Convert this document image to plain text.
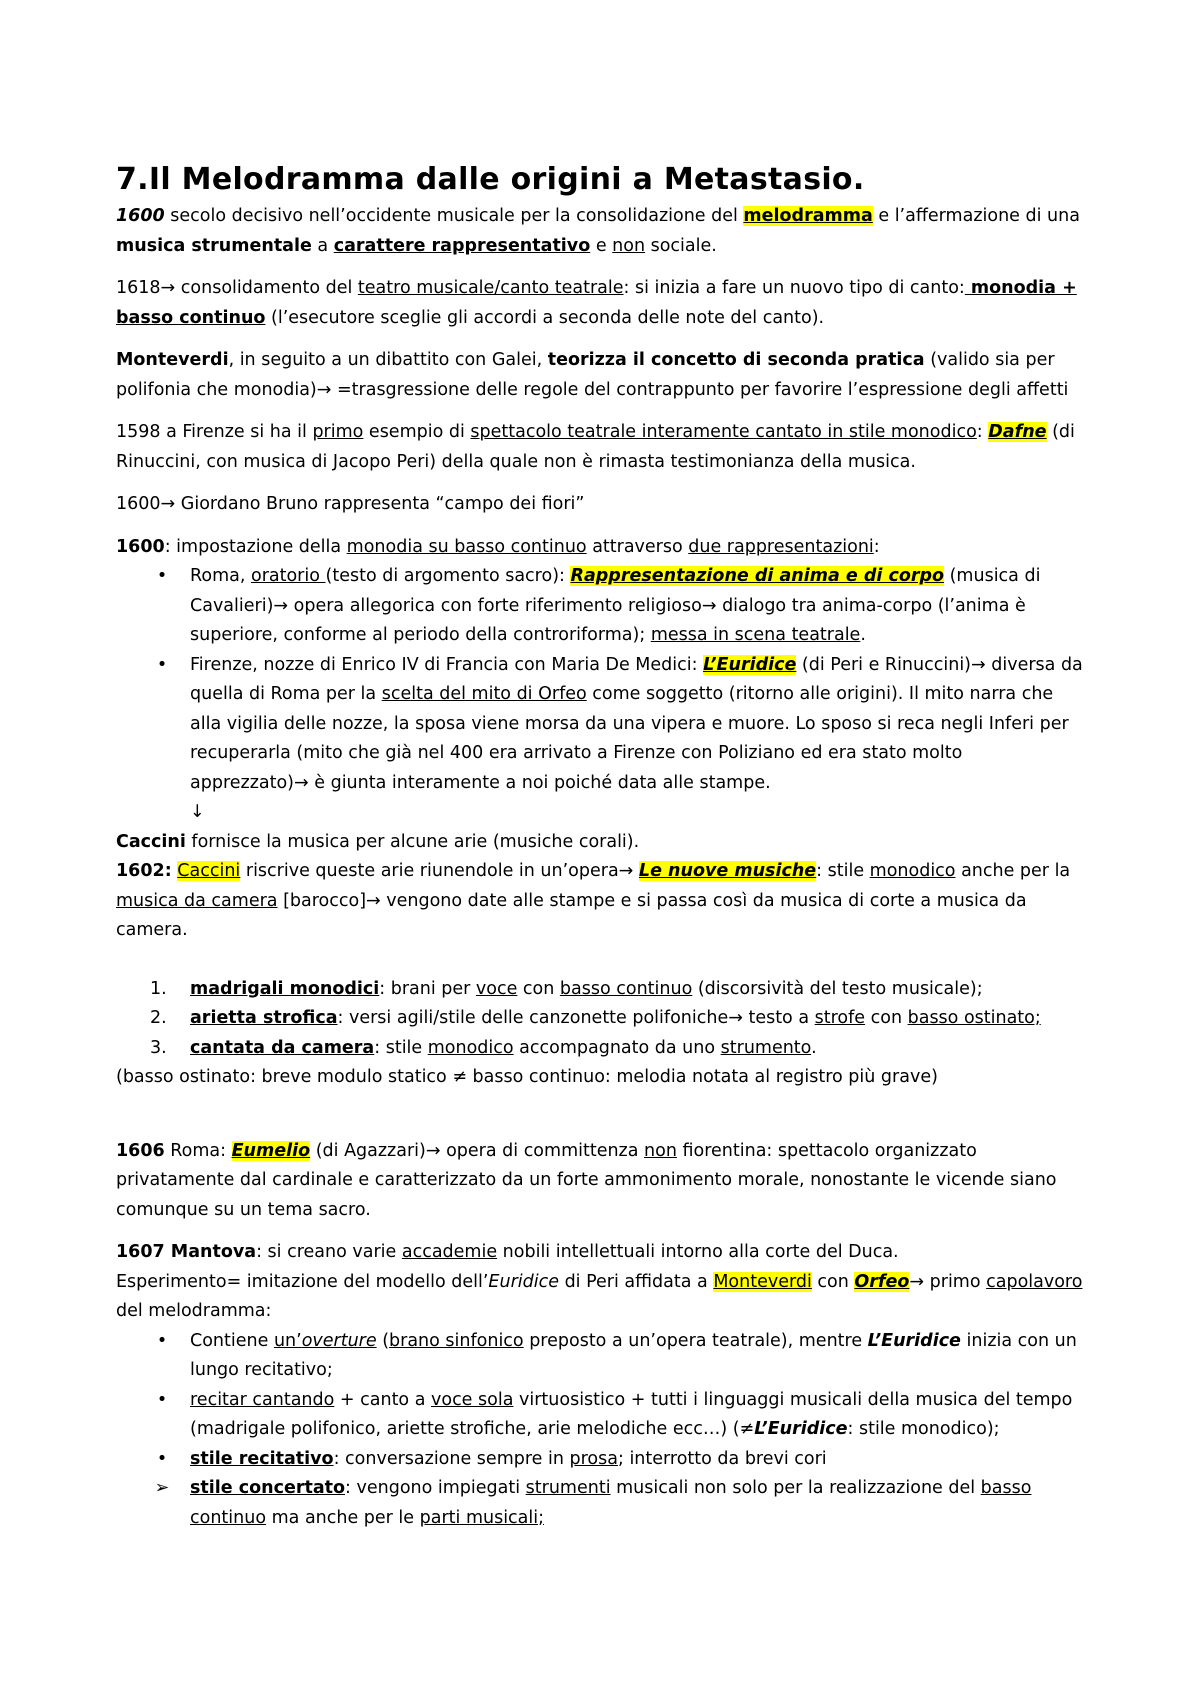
7.Il Melodramma dalle origini a Metastasio.

1600 secolo decisivo nell’occidente musicale per la consolidazione del melodramma e l’affermazione di una musica strumentale a carattere rappresentativo e non sociale.

1618→ consolidamento del teatro musicale/canto teatrale: si inizia a fare un nuovo tipo di canto: monodia + basso continuo (l’esecutore sceglie gli accordi a seconda delle note del canto).

Monteverdi, in seguito a un dibattito con Galei, teorizza il concetto di seconda pratica (valido sia per polifonia che monodia)→ =trasgressione delle regole del contrappunto per favorire l’espressione degli affetti

1598 a Firenze si ha il primo esempio di spettacolo teatrale interamente cantato in stile monodico: Dafne (di Rinuccini, con musica di Jacopo Peri) della quale non è rimasta testimonianza della musica.

1600→ Giordano Bruno rappresenta “campo dei fiori”

1600: impostazione della monodia su basso continuo attraverso due rappresentazioni:

• Roma, oratorio (testo di argomento sacro): Rappresentazione di anima e di corpo (musica di Cavalieri)→ opera allegorica con forte riferimento religioso→ dialogo tra anima-corpo (l’anima è superiore, conforme al periodo della controriforma); messa in scena teatrale.
• Firenze, nozze di Enrico IV di Francia con Maria De Medici: L’Euridice (di Peri e Rinuccini)→ diversa da quella di Roma per la scelta del mito di Orfeo come soggetto (ritorno alle origini). Il mito narra che alla vigilia delle nozze, la sposa viene morsa da una vipera e muore. Lo sposo si reca negli Inferi per recuperarla (mito che già nel 400 era arrivato a Firenze con Poliziano ed era stato molto apprezzato)→ è giunta interamente a noi poiché data alle stampe.
↓

Caccini fornisce la musica per alcune arie (musiche corali).

1602: Caccini riscrive queste arie riunendole in un’opera→ Le nuove musiche: stile monodico anche per la musica da camera [barocco]→ vengono date alle stampe e si passa così da musica di corte a musica da camera.

1.	madrigali monodici: brani per voce con basso continuo (discorsività del testo musicale);
2.	arietta strofica: versi agili/stile delle canzonette polifoniche→ testo a strofe con basso ostinato;
3.	cantata da camera: stile monodico accompagnato da uno strumento.

(basso ostinato: breve modulo statico ≠ basso continuo: melodia notata al registro più grave)

1606 Roma: Eumelio (di Agazzari)→ opera di committenza non fiorentina: spettacolo organizzato privatamente dal cardinale e caratterizzato da un forte ammonimento morale, nonostante le vicende siano comunque su un tema sacro.

1607 Mantova: si creano varie accademie nobili intellettuali intorno alla corte del Duca.

Esperimento= imitazione del modello dell’Euridice di Peri affidata a Monteverdi con Orfeo→ primo capolavoro del melodramma:

• Contiene un’overture (brano sinfonico preposto a un’opera teatrale), mentre L’Euridice inizia con un lungo recitativo;
• recitar cantando + canto a voce sola virtuosistico + tutti i linguaggi musicali della musica del tempo (madrigale polifonico, ariette strofiche, arie melodiche ecc…) (≠L’Euridice: stile monodico);
• stile recitativo: conversazione sempre in prosa; interrotto da brevi cori
➢ stile concertato: vengono impiegati strumenti musicali non solo per la realizzazione del basso continuo ma anche per le parti musicali;
